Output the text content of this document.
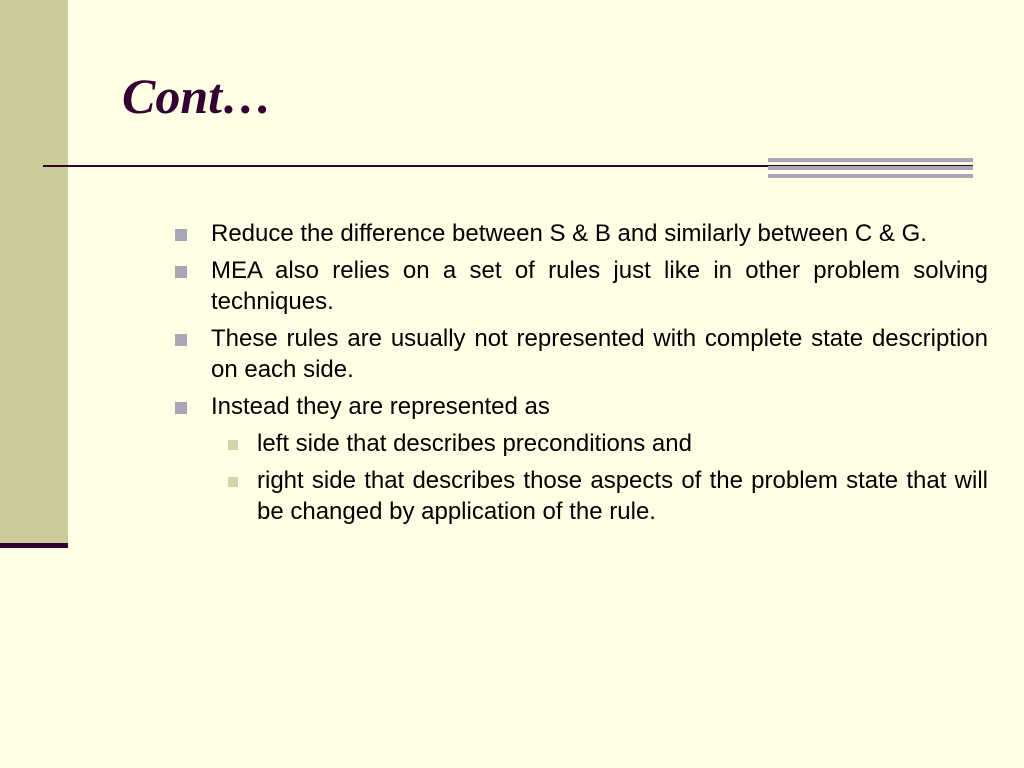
Cont…
Reduce the difference between S & B and similarly between C & G.
MEA also relies on a set of rules just like in other problem solving techniques.
These rules are usually not represented with complete state description on each side.
Instead they are represented as
left side that describes preconditions and
right side that describes those aspects of the problem state that will be changed by application of the rule.
